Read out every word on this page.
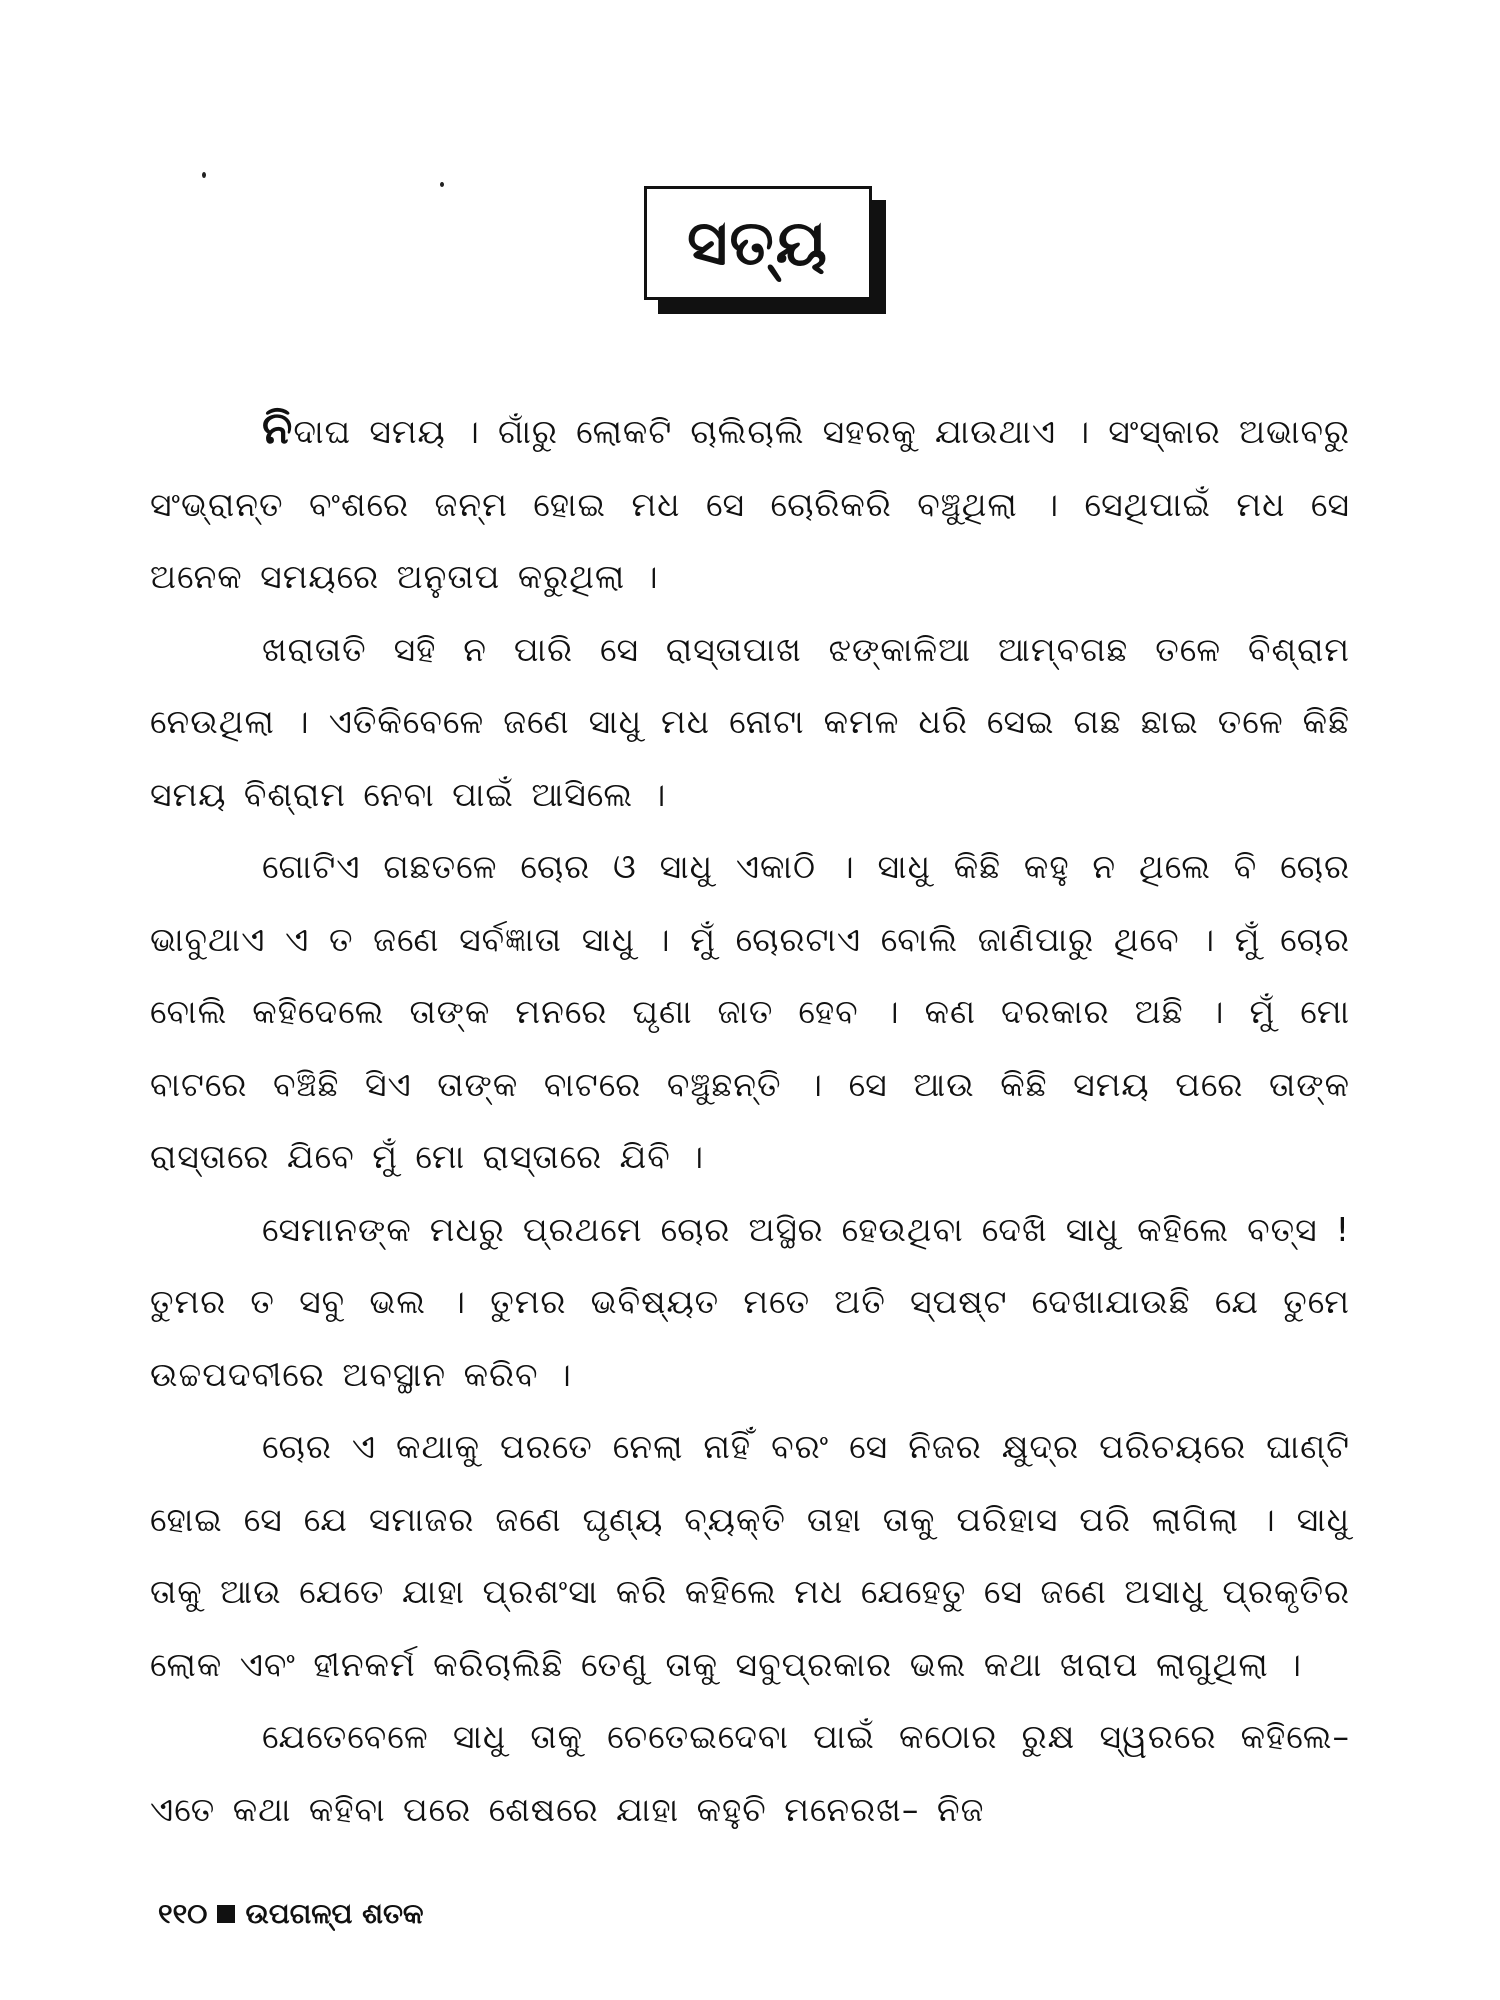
ସତ୍ୟ

ନିଦାଘ ସମୟ । ଗାଁରୁ ଲୋକଟି ଚାଲିଚାଲି ସହରକୁ ଯାଉଥାଏ । ସଂସ୍କାର ଅଭାବରୁ ସଂଭ୍ରାନ୍ତ ବଂଶରେ ଜନ୍ମ ହୋଇ ମଧ ସେ ଚୋରିକରି ବଞ୍ଚୁଥିଲା । ସେଥିପାଇଁ ମଧ ସେ ଅନେକ ସମୟରେ ଅନୁତାପ କରୁଥିଲା ।

ଖରାତାତି ସହି ନ ପାରି ସେ ରାସ୍ତାପାଖ ଝଙ୍କାଳିଆ ଆମ୍ବଗଛ ତଳେ ବିଶ୍ରାମ ନେଉଥିଲା । ଏତିକିବେଳେ ଜଣେ ସାଧୁ ମଧ ନୋଟା କମଳ ଧରି ସେଇ ଗଛ ଛାଇ ତଳେ କିଛି ସମୟ ବିଶ୍ରାମ ନେବା ପାଇଁ ଆସିଲେ ।

ଗୋଟିଏ ଗଛତଳେ ଚୋର ଓ ସାଧୁ ଏକାଠି । ସାଧୁ କିଛି କହୁ ନ ଥିଲେ ବି ଚୋର ଭାବୁଥାଏ ଏ ତ ଜଣେ ସର୍ବଜ୍ଞାତା ସାଧୁ । ମୁଁ ଚୋରଟାଏ ବୋଲି ଜାଣିପାରୁ ଥିବେ । ମୁଁ ଚୋର ବୋଲି କହିଦେଲେ ତାଙ୍କ ମନରେ ଘୃଣା ଜାତ ହେବ । କଣ ଦରକାର ଅଛି । ମୁଁ ମୋ ବାଟରେ ବଞ୍ଚିଛି ସିଏ ତାଙ୍କ ବାଟରେ ବଞ୍ଚୁଛନ୍ତି । ସେ ଆଉ କିଛି ସମୟ ପରେ ତାଙ୍କ ରାସ୍ତାରେ ଯିବେ ମୁଁ ମୋ ରାସ୍ତାରେ ଯିବି ।

ସେମାନଙ୍କ ମଧରୁ ପ୍ରଥମେ ଚୋର ଅସ୍ଥିର ହେଉଥିବା ଦେଖି ସାଧୁ କହିଲେ ବତ୍ସ ! ତୁମର ତ ସବୁ ଭଲ । ତୁମର ଭବିଷ୍ୟତ ମତେ ଅତି ସ୍ପଷ୍ଟ ଦେଖାଯାଉଛି ଯେ ତୁମେ ଉଚ୍ଚପଦବୀରେ ଅବସ୍ଥାନ କରିବ ।

ଚୋର ଏ କଥାକୁ ପରତେ ନେଲା ନାହିଁ ବରଂ ସେ ନିଜର କ୍ଷୁଦ୍ର ପରିଚୟରେ ଘାଣ୍ଟି ହୋଇ ସେ ଯେ ସମାଜର ଜଣେ ଘୃଣ୍ୟ ବ୍ୟକ୍ତି ତାହା ତାକୁ ପରିହାସ ପରି ଲାଗିଲା । ସାଧୁ ତାକୁ ଆଉ ଯେତେ ଯାହା ପ୍ରଶଂସା କରି କହିଲେ ମଧ ଯେହେତୁ ସେ ଜଣେ ଅସାଧୁ ପ୍ରକୃତିର ଲୋକ ଏବଂ ହୀନକର୍ମ କରିଚାଲିଛି ତେଣୁ ତାକୁ ସବୁପ୍ରକାର ଭଲ କଥା ଖରାପ ଲାଗୁଥିଲା ।

ଯେତେବେଳେ ସାଧୁ ତାକୁ ଚେତେଇଦେବା ପାଇଁ କଠୋର ରୁକ୍ଷ ସ୍ୱରରେ କହିଲେ– ଏତେ କଥା କହିବା ପରେ ଶେଷରେ ଯାହା କହୁଚି ମନେରଖ– ନିଜ

୧୧୦ ଉପଗଳ୍ପ ଶତକ
